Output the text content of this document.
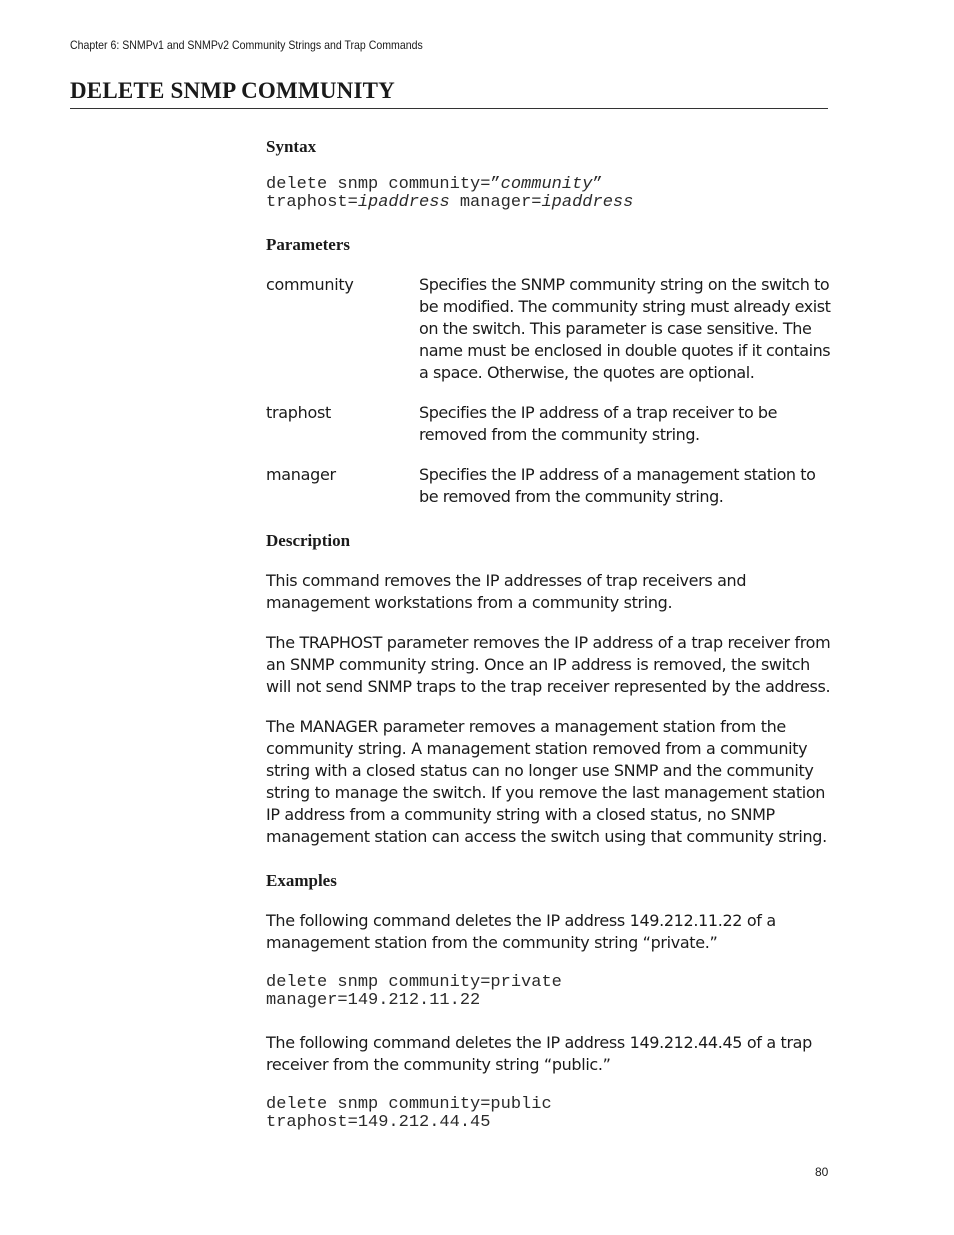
Chapter 6: SNMPv1 and SNMPv2 Community Strings and Trap Commands
DELETE SNMP COMMUNITY
Syntax
delete snmp community=”community”
traphost=ipaddress manager=ipaddress
Parameters
community	Specifies the SNMP community string on the switch to be modified. The community string must already exist on the switch. This parameter is case sensitive. The name must be enclosed in double quotes if it contains a space. Otherwise, the quotes are optional.
traphost	Specifies the IP address of a trap receiver to be removed from the community string.
manager	Specifies the IP address of a management station to be removed from the community string.
Description

This command removes the IP addresses of trap receivers and management workstations from a community string.

The TRAPHOST parameter removes the IP address of a trap receiver from an SNMP community string. Once an IP address is removed, the switch will not send SNMP traps to the trap receiver represented by the address.

The MANAGER parameter removes a management station from the community string. A management station removed from a community string with a closed status can no longer use SNMP and the community string to manage the switch. If you remove the last management station IP address from a community string with a closed status, no SNMP management station can access the switch using that community string.

Examples

The following command deletes the IP address 149.212.11.22 of a management station from the community string “private.”

delete snmp community=private
manager=149.212.11.22

The following command deletes the IP address 149.212.44.45 of a trap receiver from the community string “public.”

delete snmp community=public
traphost=149.212.44.45
80
